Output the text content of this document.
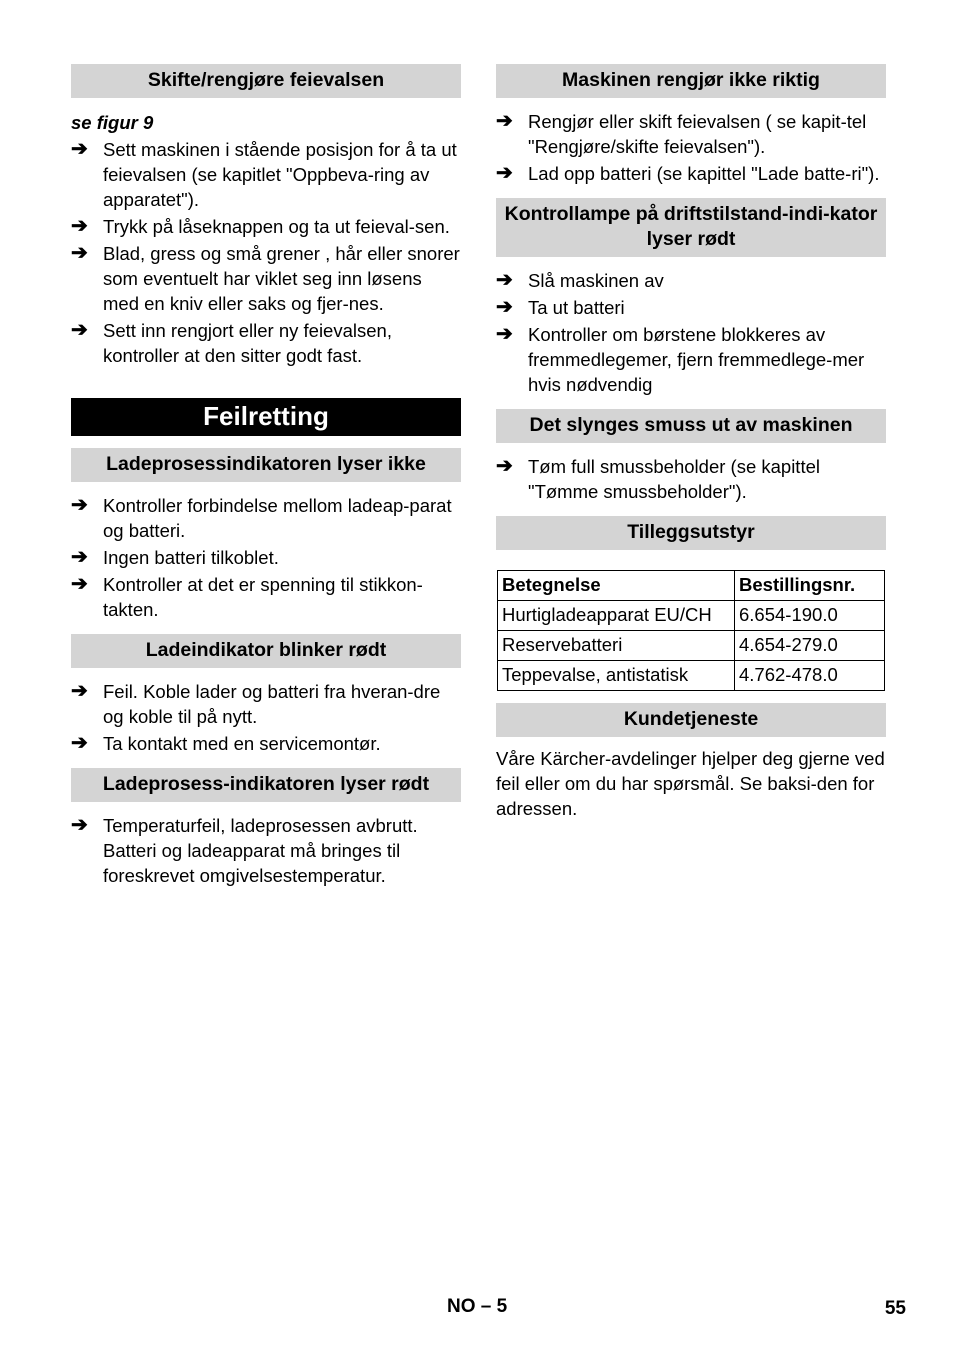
Skifte/rengjøre feievalsen

se figur 9

➔ Sett maskinen i stående posisjon for å ta ut feievalsen (se kapitlet "Oppbeva-ring av apparatet").
➔ Trykk på låseknappen og ta ut feieval-sen.
➔ Blad, gress og små grener , hår eller snorer som eventuelt har viklet seg inn løsens med en kniv eller saks og fjer-nes.
➔ Sett inn rengjort eller ny feievalsen, kontroller at den sitter godt fast.
Feilretting
Ladeprosessindikatoren lyser ikke
➔ Kontroller forbindelse mellom ladeap-parat og batteri.
➔ Ingen batteri tilkoblet.
➔ Kontroller at det er spenning til stikkon-takten.
Ladeindikator blinker rødt
➔ Feil. Koble lader og batteri fra hveran-dre og koble til på nytt.
➔ Ta kontakt med en servicemontør.
Ladeprosess-indikatoren lyser rødt
➔ Temperaturfeil, ladeprosessen avbrutt. Batteri og ladeapparat må bringes til foreskrevet omgivelsestemperatur.
Maskinen rengjør ikke riktig
➔ Rengjør eller skift feievalsen ( se kapit-tel "Rengjøre/skifte feievalsen").
➔ Lad opp batteri (se kapittel "Lade batte-ri").
Kontrollampe på driftstilstand-indi-kator lyser rødt
➔ Slå maskinen av
➔ Ta ut batteri
➔ Kontroller om børstene blokkeres av fremmedlegemer, fjern fremmedlege-mer hvis nødvendig
Det slynges smuss ut av maskinen
➔ Tøm full smussbeholder (se kapittel "Tømme smussbeholder").
Tilleggsutstyr
Betegnelse	Bestillingsnr.
Hurtigladeapparat EU/CH	6.654-190.0
Reservebatteri	4.654-279.0
Teppevalse, antistatisk	4.762-478.0
Kundetjeneste

Våre Kärcher-avdelinger hjelper deg gjerne ved feil eller om du har spørsmål. Se baksi-den for adressen.

NO – 5	55
